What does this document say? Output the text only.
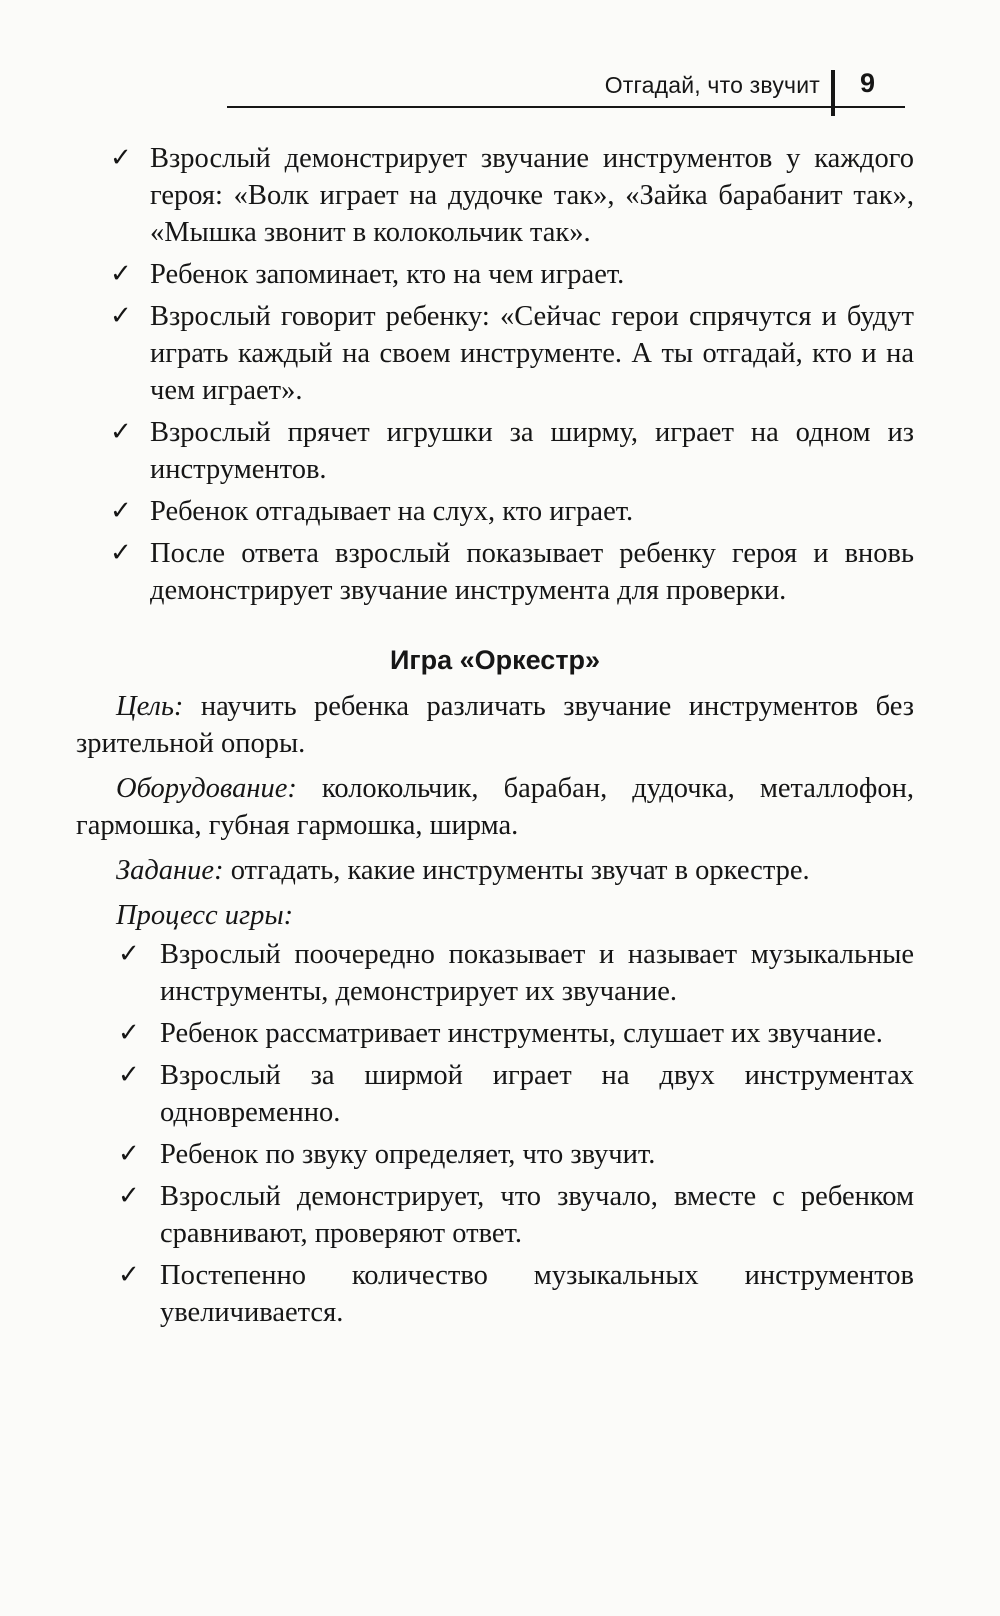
Отгадай, что звучит 9
✓ Взрослый демонстрирует звучание инструментов у каждого героя: «Волк играет на дудочке так», «Зайка барабанит так», «Мышка звонит в колокольчик так».
✓ Ребенок запоминает, кто на чем играет.
✓ Взрослый говорит ребенку: «Сейчас герои спрячутся и будут играть каждый на своем инструменте. А ты отгадай, кто и на чем играет».
✓ Взрослый прячет игрушки за ширму, играет на одном из инструментов.
✓ Ребенок отгадывает на слух, кто играет.
✓ После ответа взрослый показывает ребенку героя и вновь демонстрирует звучание инструмента для проверки.
Игра «Оркестр»

Цель: научить ребенка различать звучание инструментов без зрительной опоры.

Оборудование: колокольчик, барабан, дудочка, металлофон, гармошка, губная гармошка, ширма.

Задание: отгадать, какие инструменты звучат в оркестре.

Процесс игры:

✓ Взрослый поочередно показывает и называет музыкальные инструменты, демонстрирует их звучание.
✓ Ребенок рассматривает инструменты, слушает их звучание.
✓ Взрослый за ширмой играет на двух инструментах одновременно.
✓ Ребенок по звуку определяет, что звучит.
✓ Взрослый демонстрирует, что звучало, вместе с ребенком сравнивают, проверяют ответ.
✓ Постепенно количество музыкальных инструментов увеличивается.
